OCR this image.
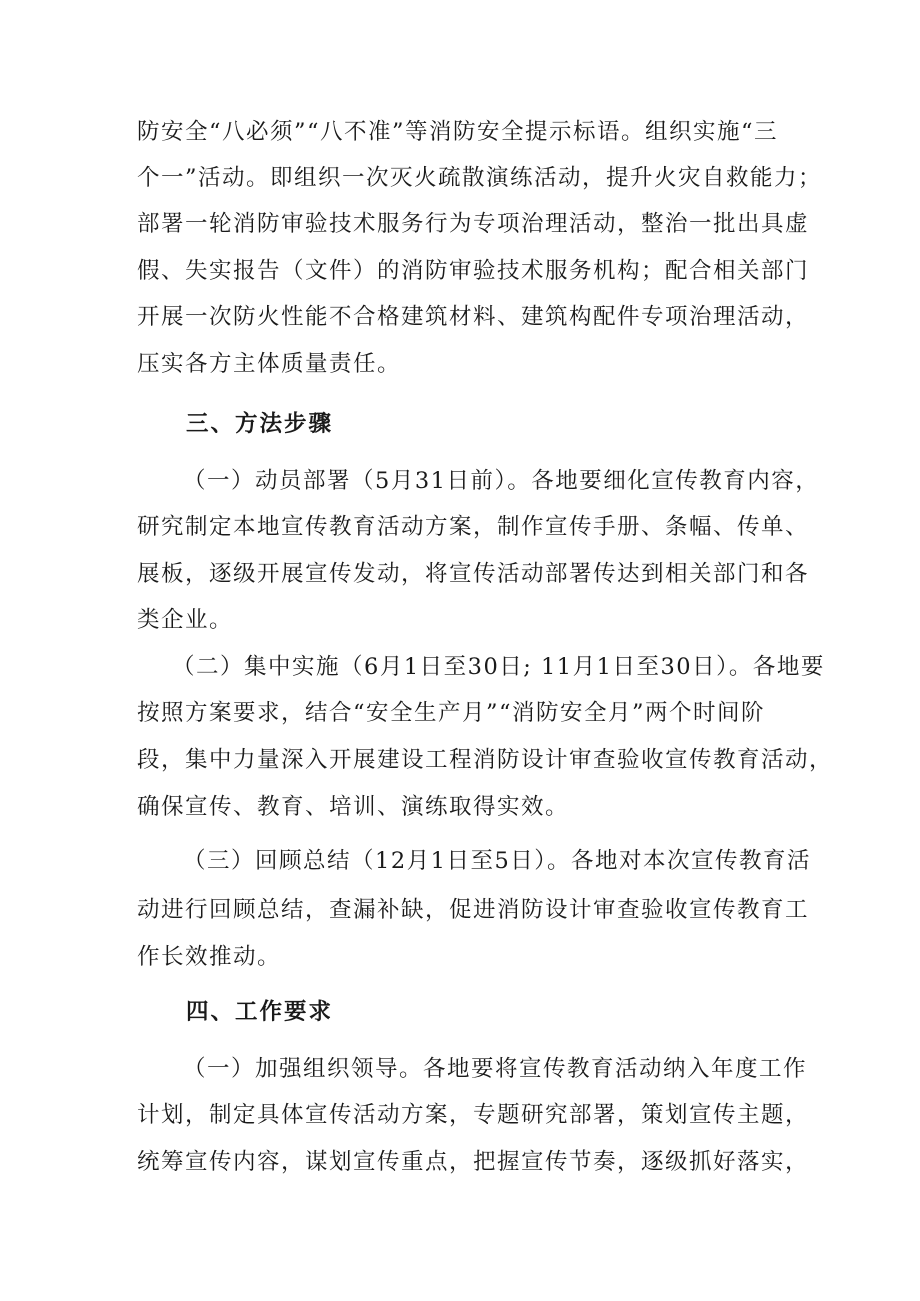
防安全“八必须”“八不准”等消防安全提示标语。组织实施“三
个一”活动。即组织一次灭火疏散演练活动，提升火灾自救能力；
部署一轮消防审验技术服务行为专项治理活动，整治一批出具虚
假、失实报告（文件）的消防审验技术服务机构；配合相关部门
开展一次防火性能不合格建筑材料、建筑构配件专项治理活动，
压实各方主体质量责任。
三、方法步骤
（一）动员部署（5月31日前）。各地要细化宣传教育内容，
研究制定本地宣传教育活动方案，制作宣传手册、条幅、传单、
展板，逐级开展宣传发动，将宣传活动部署传达到相关部门和各
类企业。
（二）集中实施（6月1日至30日; 11月1日至30日）。各地要
按照方案要求，结合“安全生产月”“消防安全月”两个时间阶
段，集中力量深入开展建设工程消防设计审查验收宣传教育活动，
确保宣传、教育、培训、演练取得实效。
（三）回顾总结（12月1日至5日）。各地对本次宣传教育活
动进行回顾总结，查漏补缺，促进消防设计审查验收宣传教育工
作长效推动。
四、工作要求
（一）加强组织领导。各地要将宣传教育活动纳入年度工作
计划，制定具体宣传活动方案，专题研究部署，策划宣传主题，
统筹宣传内容，谋划宣传重点，把握宣传节奏，逐级抓好落实，
